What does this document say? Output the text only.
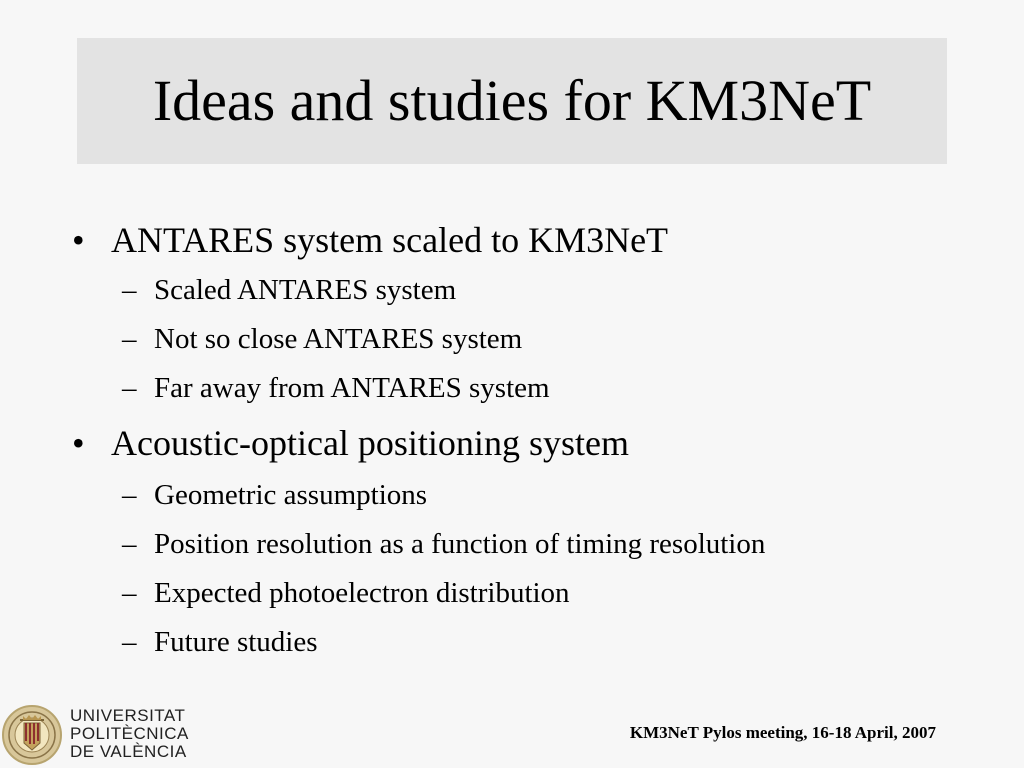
Ideas and studies for KM3NeT
• ANTARES system scaled to KM3NeT
– Scaled ANTARES system
– Not so close ANTARES system
– Far away from ANTARES system
• Acoustic-optical positioning system
– Geometric assumptions
– Position resolution as a function of timing resolution
– Expected photoelectron distribution
– Future studies
UNIVERSITAT
POLITÈCNICA
DE VALÈNCIA
KM3NeT Pylos meeting, 16-18 April, 2007
